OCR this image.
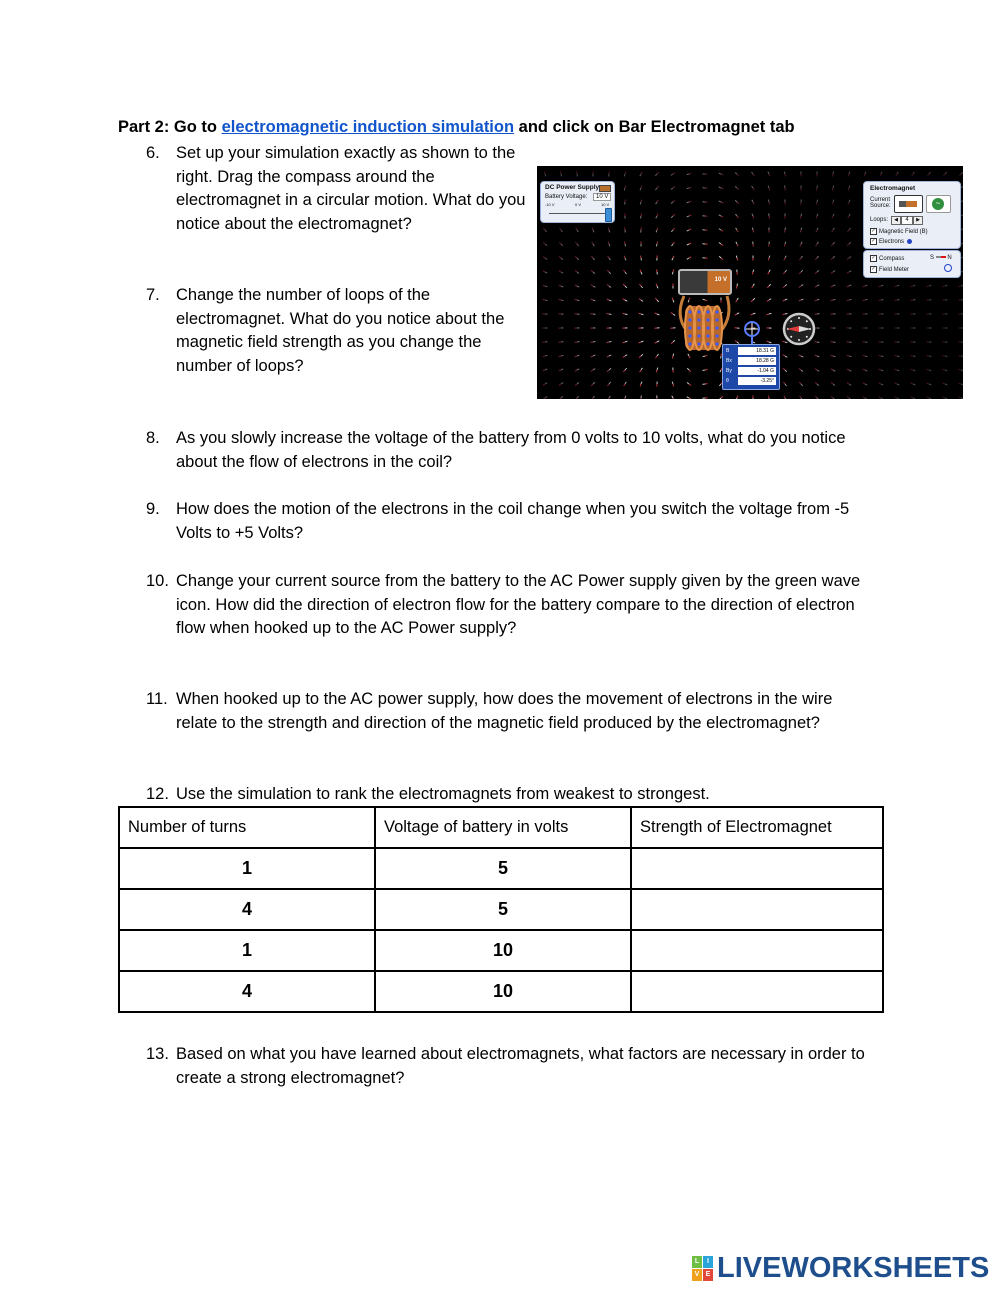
Part 2: Go to electromagnetic induction simulation and click on Bar Electromagnet tab
6. Set up your simulation exactly as shown to the right. Drag the compass around the electromagnet in a circular motion. What do you notice about the electromagnet?
7. Change the number of loops of the electromagnet. What do you notice about the magnetic field strength as you change the number of loops?
DC Power Supply
Battery Voltage:	10 V
-10 V	0 V	10 V
Electromagnet
Current Source:	~
Loops:	◀	4	▶
✓ Magnetic Field (B)
✓ Electrons
✓ Compass	S N
✓ Field Meter
10 V
B	18.31 G
Bx	18.28 G
By	-1.04 G
θ	-3.25°
8. As you slowly increase the voltage of the battery from 0 volts to 10 volts, what do you notice about the flow of electrons in the coil?
9. How does the motion of the electrons in the coil change when you switch the voltage from -5 Volts to +5 Volts?
10. Change your current source from the battery to the AC Power supply given by the green wave icon. How did the direction of electron flow for the battery compare to the direction of electron flow when hooked up to the AC Power supply?
11. When hooked up to the AC power supply, how does the movement of electrons in the wire relate to the strength and direction of the magnetic field produced by the electromagnet?
12. Use the simulation to rank the electromagnets from weakest to strongest.
Number of turns	Voltage of battery in volts	Strength of Electromagnet
1	5	
4	5	
1	10	
4	10	
13. Based on what you have learned about electromagnets, what factors are necessary in order to create a strong electromagnet?
L	I
V E LIVEWORKSHEETS
